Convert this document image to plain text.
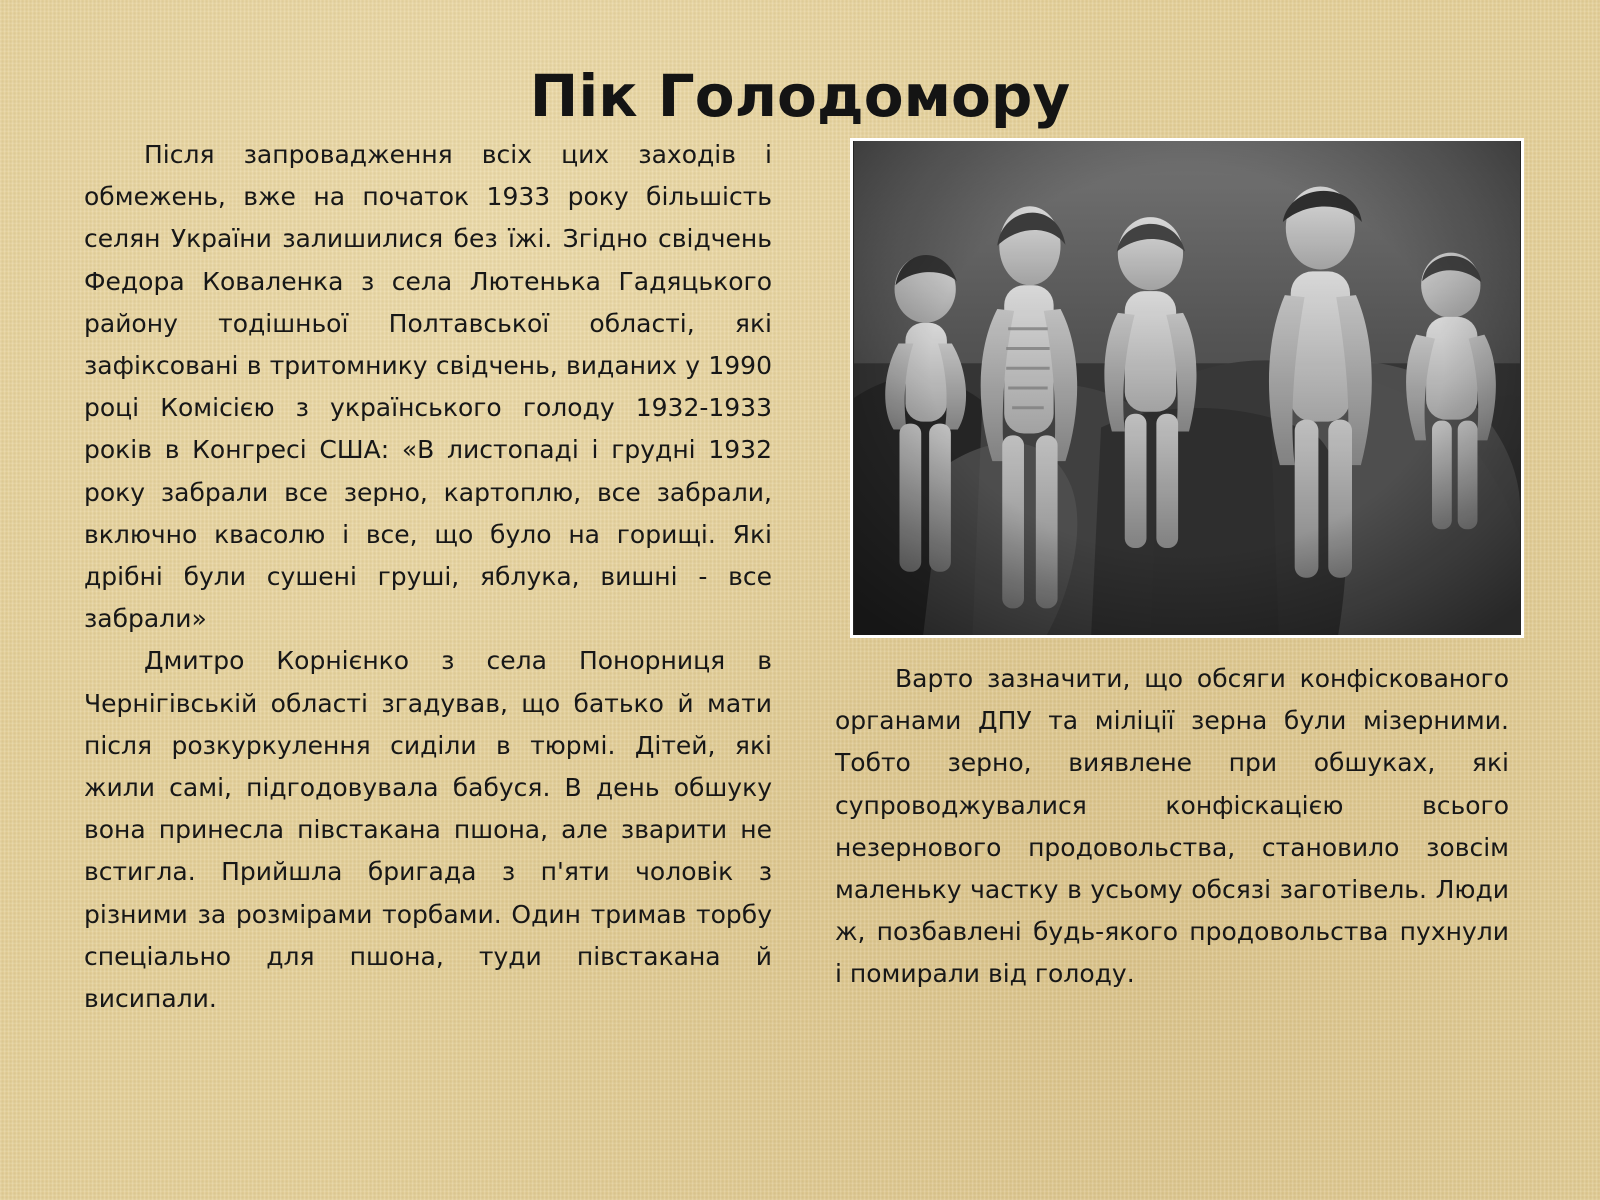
Пік Голодомору

Після запровадження всіх цих заходів і обмежень, вже на початок 1933 року більшість селян України залишилися без їжі. Згідно свідчень Федора Коваленка з села Лютенька Гадяцького району тодішньої Полтавської області, які зафіксовані в тритомнику свідчень, виданих у 1990 році Комісією з українського голоду 1932-1933 років в Конгресі США: «В листопаді і грудні 1932 року забрали все зерно, картоплю, все забрали, включно квасолю і все, що було на горищі. Які дрібні були сушені груші, яблука, вишні - все забрали»

Дмитро Корнієнко з села Понорниця в Чернігівській області згадував, що батько й мати після розкуркулення сиділи в тюрмі. Дітей, які жили самі, підгодовувала бабуся. В день обшуку вона принесла півстакана пшона, але зварити не встигла. Прийшла бригада з п'яти чоловік з різними за розмірами торбами. Один тримав торбу спеціально для пшона, туди півстакана й висипали.

Варто зазначити, що обсяги конфіскованого органами ДПУ та міліції зерна були мізерними. Тобто зерно, виявлене при обшуках, які супроводжувалися конфіскацією всього незернового продовольства, становило зовсім маленьку частку в усьому обсязі заготівель. Люди ж, позбавлені будь-якого продовольства пухнули і помирали від голоду.
